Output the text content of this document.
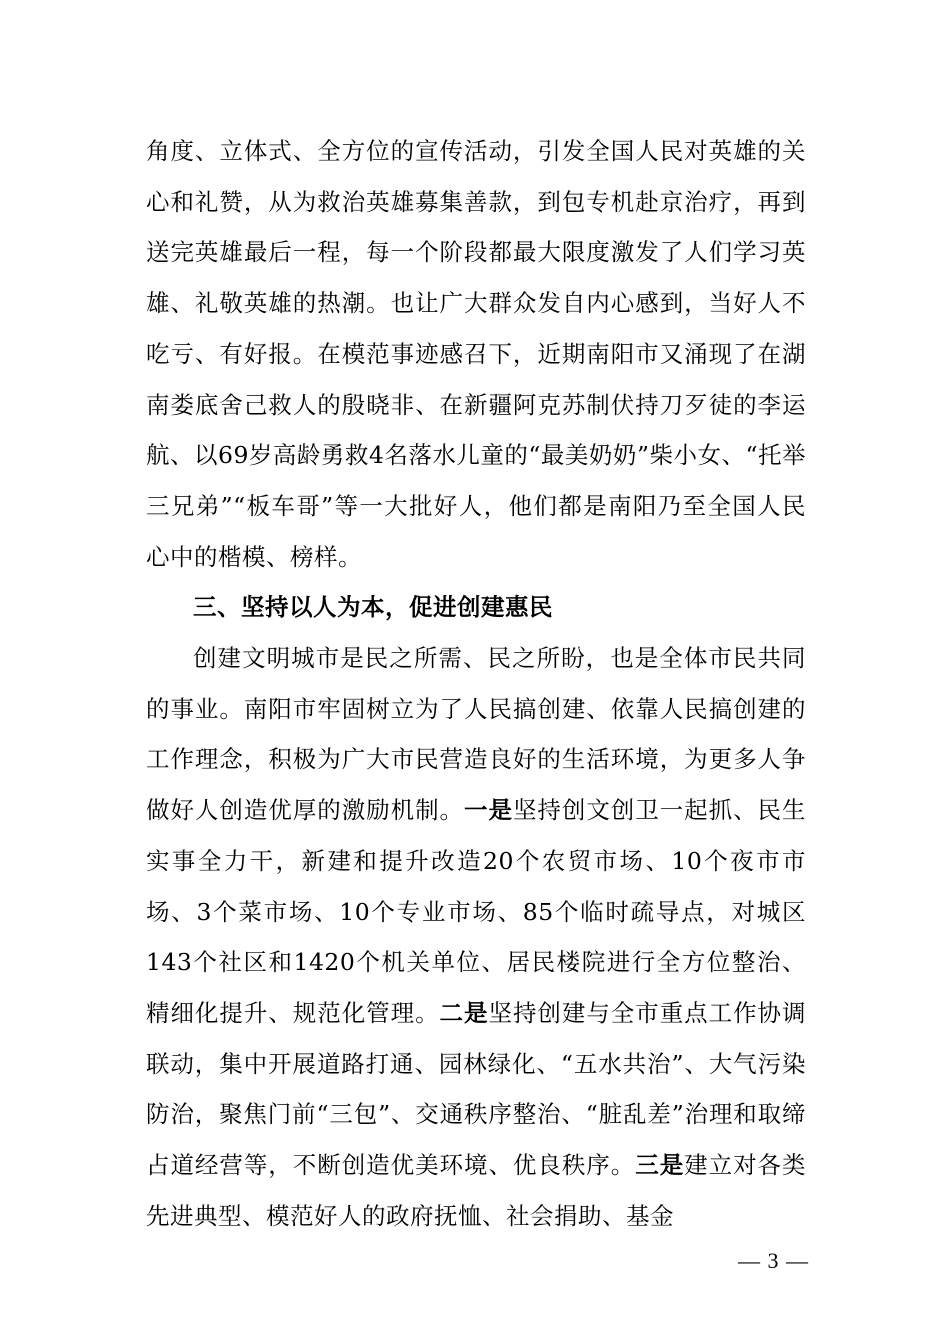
角度、立体式、全方位的宣传活动，引发全国人民对英雄的关心和礼赞，从为救治英雄募集善款，到包专机赴京治疗，再到送完英雄最后一程，每一个阶段都最大限度激发了人们学习英雄、礼敬英雄的热潮。也让广大群众发自内心感到，当好人不吃亏、有好报。在模范事迹感召下，近期南阳市又涌现了在湖南娄底舍己救人的殷晓非、在新疆阿克苏制伏持刀歹徒的李运航、以69岁高龄勇救4名落水儿童的“最美奶奶”柴小女、“托举三兄弟”“板车哥”等一大批好人，他们都是南阳乃至全国人民心中的楷模、榜样。

三、坚持以人为本，促进创建惠民

创建文明城市是民之所需、民之所盼，也是全体市民共同的事业。南阳市牢固树立为了人民搞创建、依靠人民搞创建的工作理念，积极为广大市民营造良好的生活环境，为更多人争做好人创造优厚的激励机制。一是坚持创文创卫一起抓、民生实事全力干，新建和提升改造20个农贸市场、10个夜市市场、3个菜市场、10个专业市场、85个临时疏导点，对城区143个社区和1420个机关单位、居民楼院进行全方位整治、精细化提升、规范化管理。二是坚持创建与全市重点工作协调联动，集中开展道路打通、园林绿化、“五水共治”、大气污染防治，聚焦门前“三包”、交通秩序整治、“脏乱差”治理和取缔占道经营等，不断创造优美环境、优良秩序。三是建立对各类先进典型、模范好人的政府抚恤、社会捐助、基金

— 3 —
